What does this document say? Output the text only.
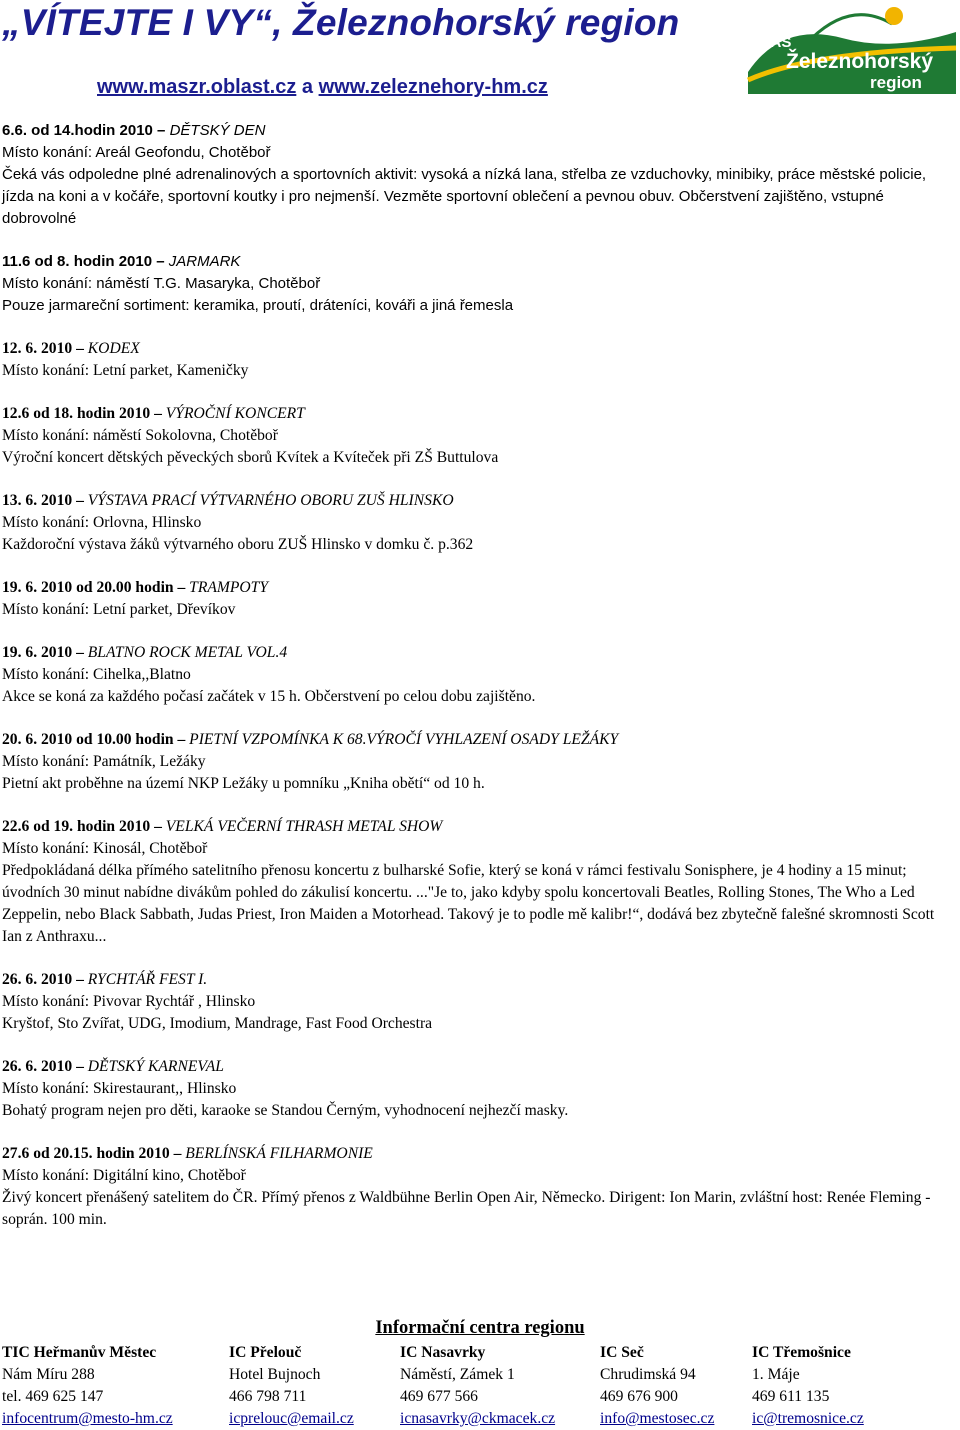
„VÍTEJTE I VY“, Železnohorský region
www.maszr.oblast.cz a www.zeleznehory-hm.cz
MAS
Železnohorský
region
6.6. od 14.hodin 2010 – DĚTSKÝ DEN

Místo konání: Areál Geofondu, Chotěboř

Čeká vás odpoledne plné adrenalinových a sportovních aktivit: vysoká a nízká lana, střelba ze vzduchovky, minibiky, práce městské policie, jízda na koni a v kočáře, sportovní koutky i pro nejmenší. Vezměte sportovní oblečení a pevnou obuv. Občerstvení zajištěno, vstupné dobrovolné

11.6 od 8. hodin 2010 – JARMARK

Místo konání: náměstí T.G. Masaryka, Chotěboř

Pouze jarmareční sortiment: keramika, proutí, dráteníci, kováři a jiná řemesla

12. 6. 2010 – KODEX

Místo konání: Letní parket, Kameničky

12.6 od 18. hodin 2010 – VÝROČNÍ KONCERT

Místo konání: náměstí Sokolovna, Chotěboř

Výroční koncert dětských pěveckých sborů Kvítek a Kvíteček při ZŠ Buttulova

13. 6. 2010 – VÝSTAVA PRACÍ VÝTVARNÉHO OBORU ZUŠ HLINSKO

Místo konání: Orlovna, Hlinsko

Každoroční výstava žáků výtvarného oboru ZUŠ Hlinsko v domku č. p.362

19. 6. 2010 od 20.00 hodin – TRAMPOTY

Místo konání: Letní parket, Dřevíkov

19. 6. 2010 – BLATNO ROCK METAL VOL.4

Místo konání: Cihelka,,Blatno

Akce se koná za každého počasí začátek v 15 h. Občerstvení po celou dobu zajištěno.

20. 6. 2010 od 10.00 hodin – PIETNÍ VZPOMÍNKA K 68.VÝROČÍ VYHLAZENÍ OSADY LEŽÁKY

Místo konání: Památník, Ležáky

Pietní akt proběhne na území NKP Ležáky u pomníku „Kniha obětí“ od 10 h.

22.6 od 19. hodin 2010 – VELKÁ VEČERNÍ THRASH METAL SHOW

Místo konání: Kinosál, Chotěboř

Předpokládaná délka přímého satelitního přenosu koncertu z bulharské Sofie, který se koná v rámci festivalu Sonisphere, je 4 hodiny a 15 minut; úvodních 30 minut nabídne divákům pohled do zákulisí koncertu. ..."Je to, jako kdyby spolu koncertovali Beatles, Rolling Stones, The Who a Led Zeppelin, nebo Black Sabbath, Judas Priest, Iron Maiden a Motorhead. Takový je to podle mě kalibr!“, dodává bez zbytečně falešné skromnosti Scott Ian z Anthraxu...

26. 6. 2010 – RYCHTÁŘ FEST I.

Místo konání: Pivovar Rychtář , Hlinsko

Kryštof, Sto Zvířat, UDG, Imodium, Mandrage, Fast Food Orchestra

26. 6. 2010 – DĚTSKÝ KARNEVAL

Místo konání: Skirestaurant,, Hlinsko

Bohatý program nejen pro děti, karaoke se Standou Černým, vyhodnocení nejhezčí masky.

27.6 od 20.15. hodin 2010 – BERLÍNSKÁ FILHARMONIE

Místo konání: Digitální kino, Chotěboř

Živý koncert přenášený satelitem do ČR. Přímý přenos z Waldbühne Berlin Open Air, Německo. Dirigent: Ion Marin, zvláštní host: Renée Fleming - soprán. 100 min.

Informační centra regionu
TIC Heřmanův Městec
Nám Míru 288
tel. 469 625 147
infocentrum@mesto-hm.cz
IC Přelouč
Hotel Bujnoch
466 798 711
icprelouc@email.cz
IC Nasavrky
Náměstí, Zámek 1
469 677 566
icnasavrky@ckmacek.cz
IC Seč
Chrudimská 94
469 676 900
info@mestosec.cz
IC Třemošnice
1. Máje
469 611 135
ic@tremosnice.cz
